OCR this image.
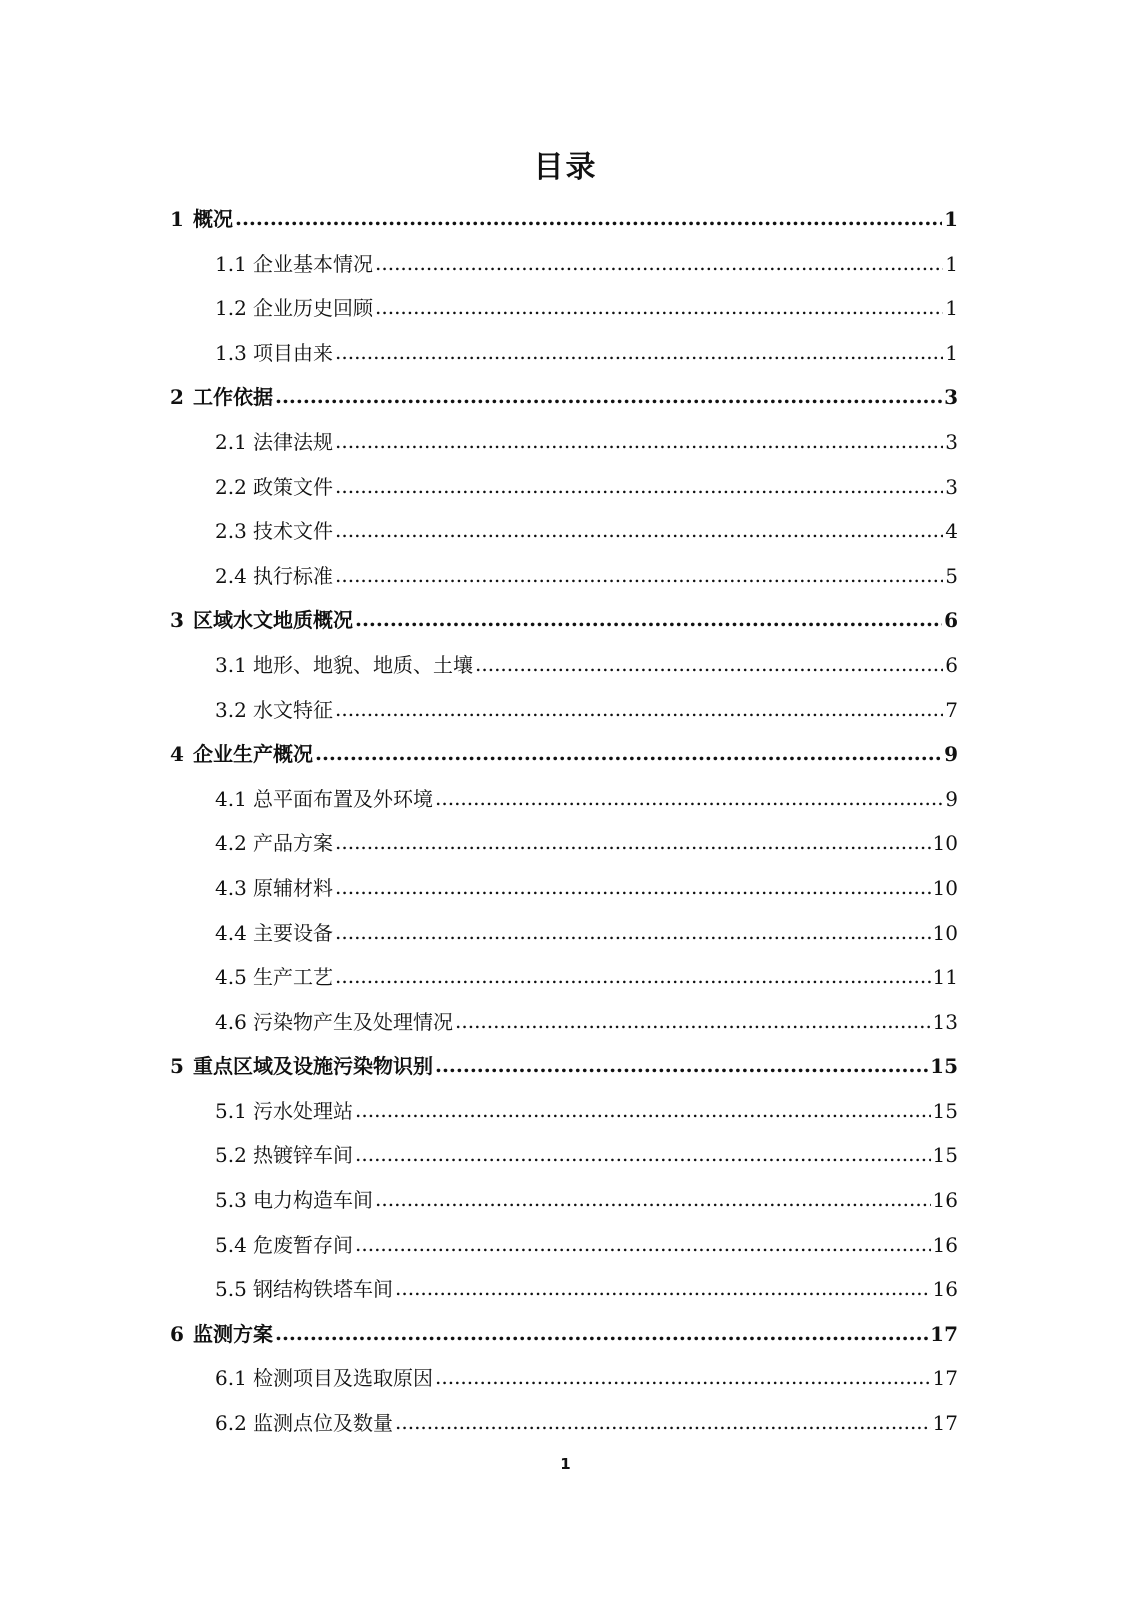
目录
1 概况 .....	1
1.1 企业基本情况 .....	1
1.2 企业历史回顾 .....	1
1.3 项目由来 .....	1
2 工作依据 .....	3
2.1 法律法规 .....	3
2.2 政策文件 .....	3
2.3 技术文件 .....	4
2.4 执行标准 .....	5
3 区域水文地质概况 .....	6
3.1 地形、地貌、地质、土壤 .....	6
3.2 水文特征 .....	7
4 企业生产概况 .....	9
4.1 总平面布置及外环境 .....	9
4.2 产品方案 .....	10
4.3 原辅材料 .....	10
4.4 主要设备 .....	10
4.5 生产工艺 .....	11
4.6 污染物产生及处理情况 .....	13
5 重点区域及设施污染物识别 .....	15
5.1 污水处理站 .....	15
5.2 热镀锌车间 .....	15
5.3 电力构造车间 .....	16
5.4 危废暂存间 .....	16
5.5 钢结构铁塔车间 .....	16
6 监测方案 .....	17
6.1 检测项目及选取原因 .....	17
6.2 监测点位及数量 .....	17
1
